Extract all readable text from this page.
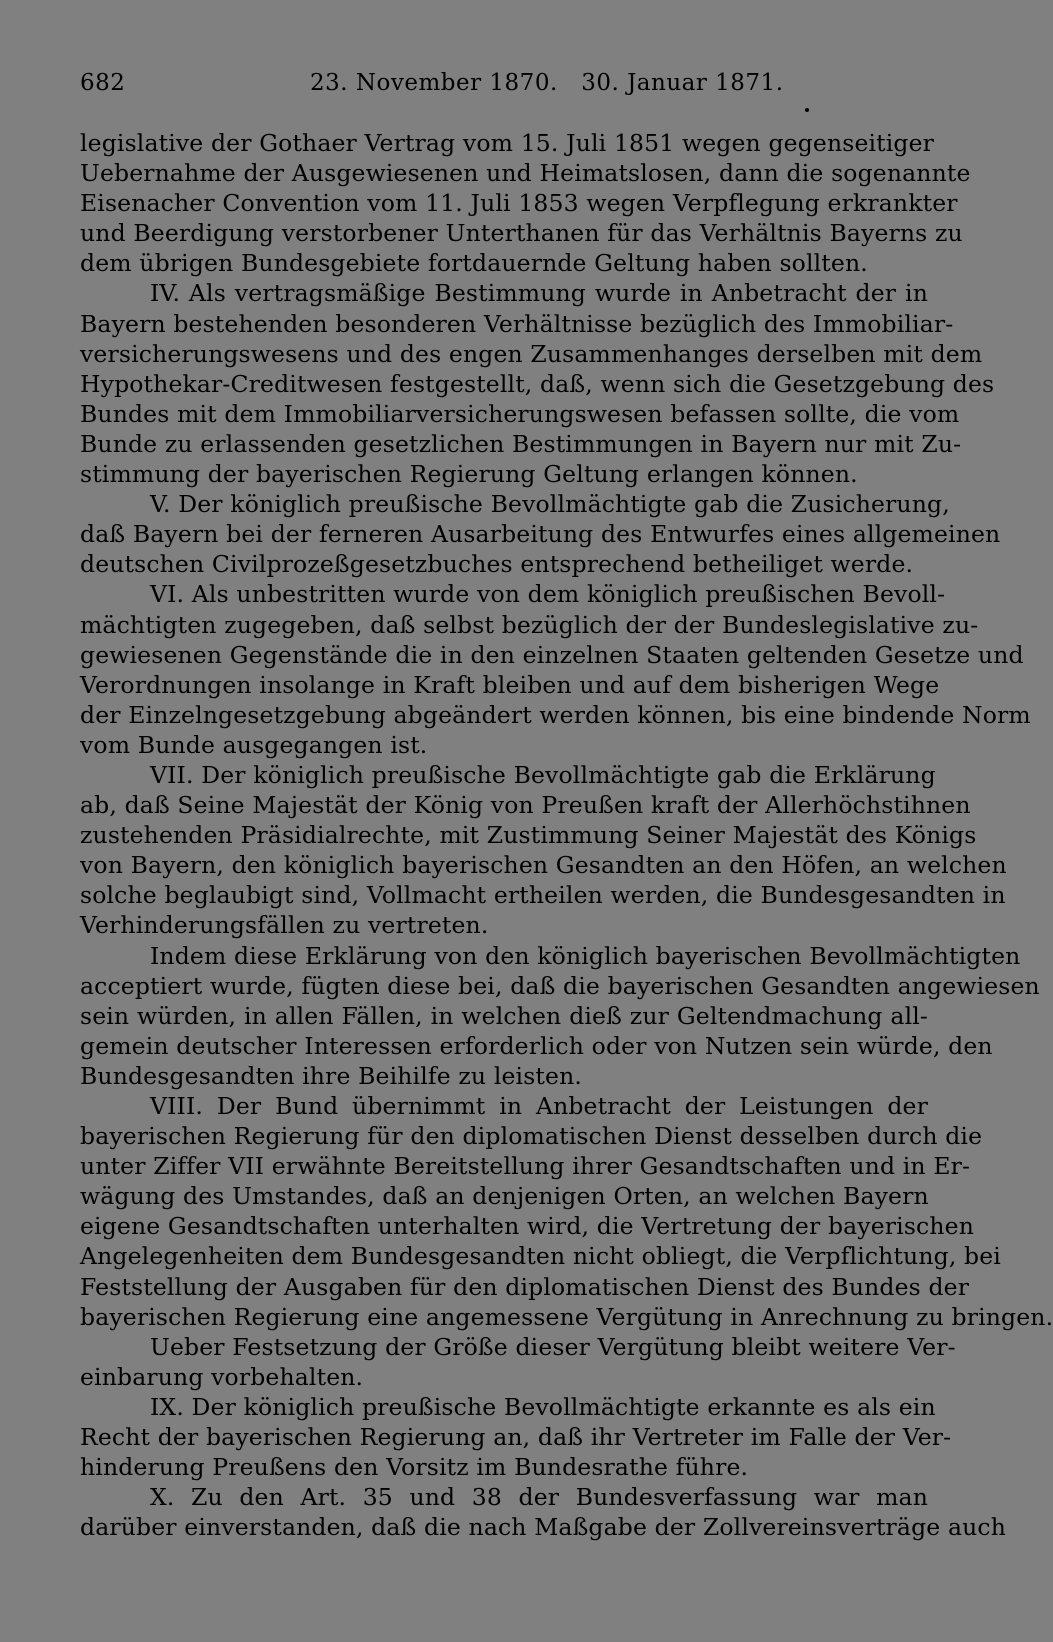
682	23. November 1870.   30. Januar 1871.
legislative der Gothaer Vertrag vom 15. Juli 1851 wegen gegenseitiger
Uebernahme der Ausgewiesenen und Heimatslosen, dann die sogenannte
Eisenacher Convention vom 11. Juli 1853 wegen Verpflegung erkrankter
und Beerdigung verstorbener Unterthanen für das Verhältnis Bayerns zu
dem übrigen Bundesgebiete fortdauernde Geltung haben sollten.
IV. Als vertragsmäßige Bestimmung wurde in Anbetracht der in
Bayern bestehenden besonderen Verhältnisse bezüglich des Immobiliar-
versicherungswesens und des engen Zusammenhanges derselben mit dem
Hypothekar-Creditwesen festgestellt, daß, wenn sich die Gesetzgebung des
Bundes mit dem Immobiliarversicherungswesen befassen sollte, die vom
Bunde zu erlassenden gesetzlichen Bestimmungen in Bayern nur mit Zu-
stimmung der bayerischen Regierung Geltung erlangen können.
V. Der königlich preußische Bevollmächtigte gab die Zusicherung,
daß Bayern bei der ferneren Ausarbeitung des Entwurfes eines allgemeinen
deutschen Civilprozeßgesetzbuches entsprechend betheiliget werde.
VI. Als unbestritten wurde von dem königlich preußischen Bevoll-
mächtigten zugegeben, daß selbst bezüglich der der Bundeslegislative zu-
gewiesenen Gegenstände die in den einzelnen Staaten geltenden Gesetze und
Verordnungen insolange in Kraft bleiben und auf dem bisherigen Wege
der Einzelngesetzgebung abgeändert werden können, bis eine bindende Norm
vom Bunde ausgegangen ist.
VII. Der königlich preußische Bevollmächtigte gab die Erklärung
ab, daß Seine Majestät der König von Preußen kraft der Allerhöchstihnen
zustehenden Präsidialrechte, mit Zustimmung Seiner Majestät des Königs
von Bayern, den königlich bayerischen Gesandten an den Höfen, an welchen
solche beglaubigt sind, Vollmacht ertheilen werden, die Bundesgesandten in
Verhinderungsfällen zu vertreten.
Indem diese Erklärung von den königlich bayerischen Bevollmächtigten
acceptiert wurde, fügten diese bei, daß die bayerischen Gesandten angewiesen
sein würden, in allen Fällen, in welchen dieß zur Geltendmachung all-
gemein deutscher Interessen erforderlich oder von Nutzen sein würde, den
Bundesgesandten ihre Beihilfe zu leisten.
VIII. Der Bund übernimmt in Anbetracht der Leistungen der
bayerischen Regierung für den diplomatischen Dienst desselben durch die
unter Ziffer VII erwähnte Bereitstellung ihrer Gesandtschaften und in Er-
wägung des Umstandes, daß an denjenigen Orten, an welchen Bayern
eigene Gesandtschaften unterhalten wird, die Vertretung der bayerischen
Angelegenheiten dem Bundesgesandten nicht obliegt, die Verpflichtung, bei
Feststellung der Ausgaben für den diplomatischen Dienst des Bundes der
bayerischen Regierung eine angemessene Vergütung in Anrechnung zu bringen.
Ueber Festsetzung der Größe dieser Vergütung bleibt weitere Ver-
einbarung vorbehalten.
IX. Der königlich preußische Bevollmächtigte erkannte es als ein
Recht der bayerischen Regierung an, daß ihr Vertreter im Falle der Ver-
hinderung Preußens den Vorsitz im Bundesrathe führe.
X. Zu den Art. 35 und 38 der Bundesverfassung war man
darüber einverstanden, daß die nach Maßgabe der Zollvereinsverträge auch
